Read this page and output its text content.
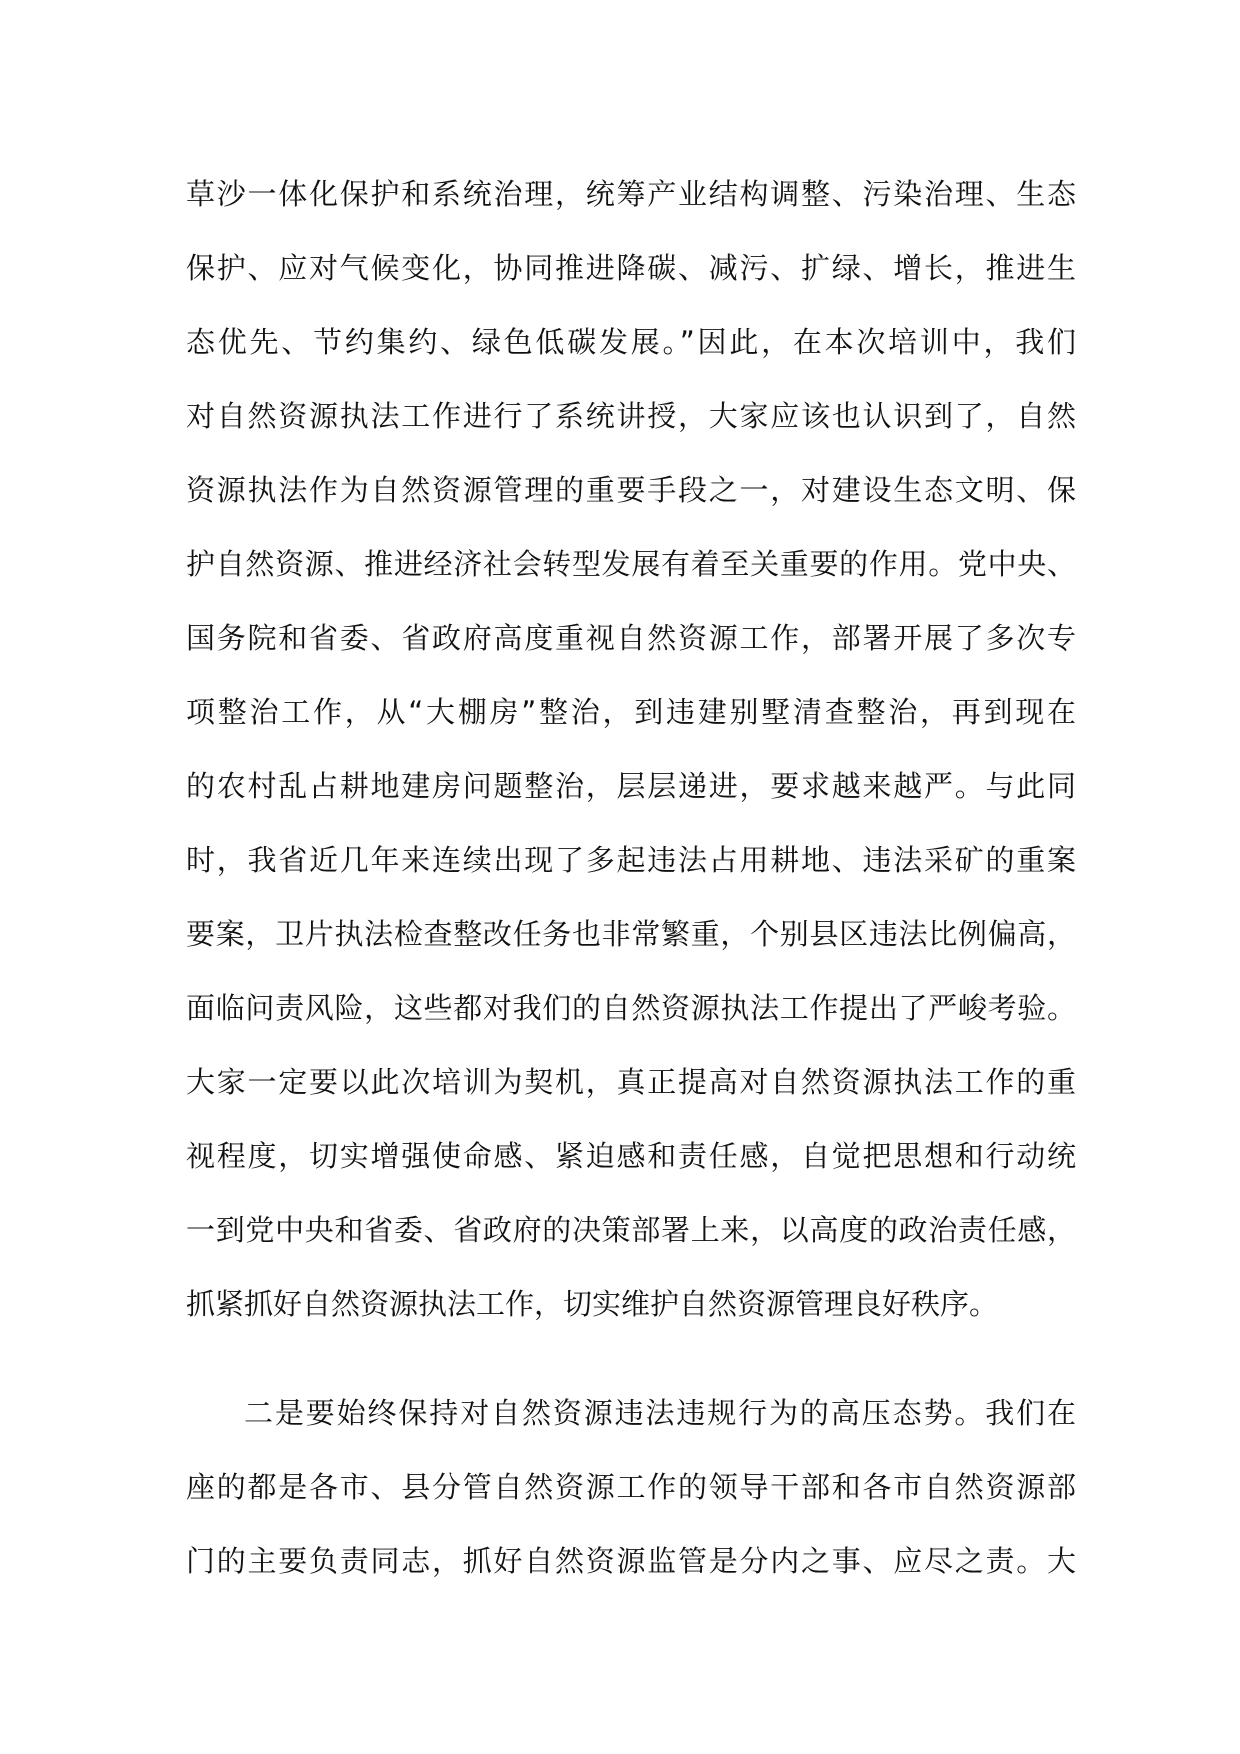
草沙一体化保护和系统治理，统筹产业结构调整、污染治理、生态
保护、应对气候变化，协同推进降碳、减污、扩绿、增长，推进生
态优先、节约集约、绿色低碳发展。”因此，在本次培训中，我们
对自然资源执法工作进行了系统讲授，大家应该也认识到了，自然
资源执法作为自然资源管理的重要手段之一，对建设生态文明、保
护自然资源、推进经济社会转型发展有着至关重要的作用。党中央、
国务院和省委、省政府高度重视自然资源工作，部署开展了多次专
项整治工作，从“大棚房”整治，到违建别墅清查整治，再到现在
的农村乱占耕地建房问题整治，层层递进，要求越来越严。与此同
时，我省近几年来连续出现了多起违法占用耕地、违法采矿的重案
要案，卫片执法检查整改任务也非常繁重，个别县区违法比例偏高，
面临问责风险，这些都对我们的自然资源执法工作提出了严峻考验。
大家一定要以此次培训为契机，真正提高对自然资源执法工作的重
视程度，切实增强使命感、紧迫感和责任感，自觉把思想和行动统
一到党中央和省委、省政府的决策部署上来，以高度的政治责任感，
抓紧抓好自然资源执法工作，切实维护自然资源管理良好秩序。
二是要始终保持对自然资源违法违规行为的高压态势。我们在
座的都是各市、县分管自然资源工作的领导干部和各市自然资源部
门的主要负责同志，抓好自然资源监管是分内之事、应尽之责。大
